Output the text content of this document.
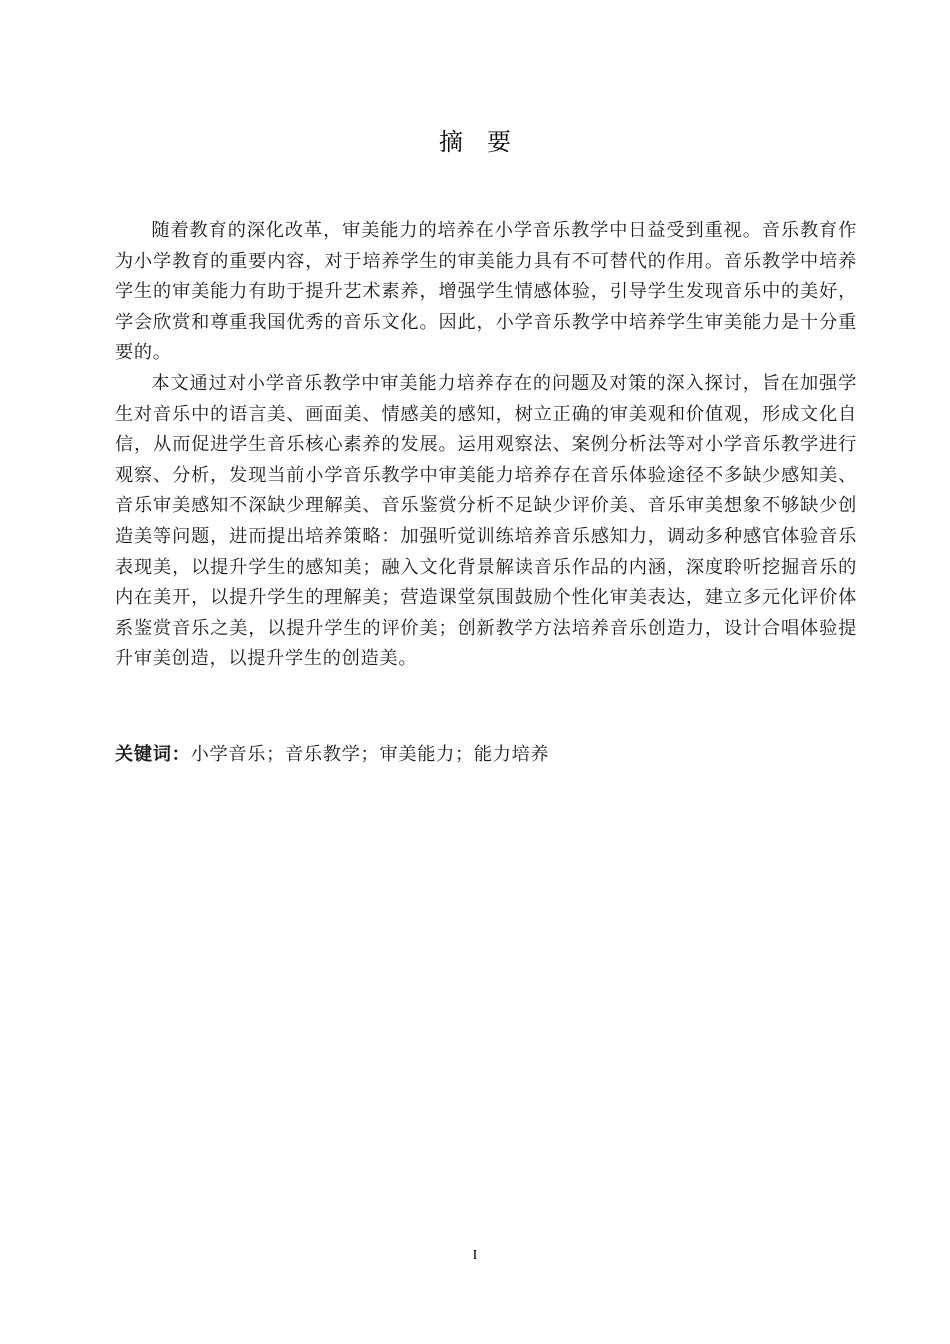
摘要

随着教育的深化改革，审美能力的培养在小学音乐教学中日益受到重视。音乐教育作为小学教育的重要内容，对于培养学生的审美能力具有不可替代的作用。音乐教学中培养学生的审美能力有助于提升艺术素养，增强学生情感体验，引导学生发现音乐中的美好，学会欣赏和尊重我国优秀的音乐文化。因此，小学音乐教学中培养学生审美能力是十分重要的。

本文通过对小学音乐教学中审美能力培养存在的问题及对策的深入探讨，旨在加强学生对音乐中的语言美、画面美、情感美的感知，树立正确的审美观和价值观，形成文化自信，从而促进学生音乐核心素养的发展。运用观察法、案例分析法等对小学音乐教学进行观察、分析，发现当前小学音乐教学中审美能力培养存在音乐体验途径不多缺少感知美、音乐审美感知不深缺少理解美、音乐鉴赏分析不足缺少评价美、音乐审美想象不够缺少创造美等问题，进而提出培养策略：加强听觉训练培养音乐感知力，调动多种感官体验音乐表现美，以提升学生的感知美；融入文化背景解读音乐作品的内涵，深度聆听挖掘音乐的内在美开，以提升学生的理解美；营造课堂氛围鼓励个性化审美表达，建立多元化评价体系鉴赏音乐之美，以提升学生的评价美；创新教学方法培养音乐创造力，设计合唱体验提升审美创造，以提升学生的创造美。

关键词：小学音乐；音乐教学；审美能力；能力培养
I
